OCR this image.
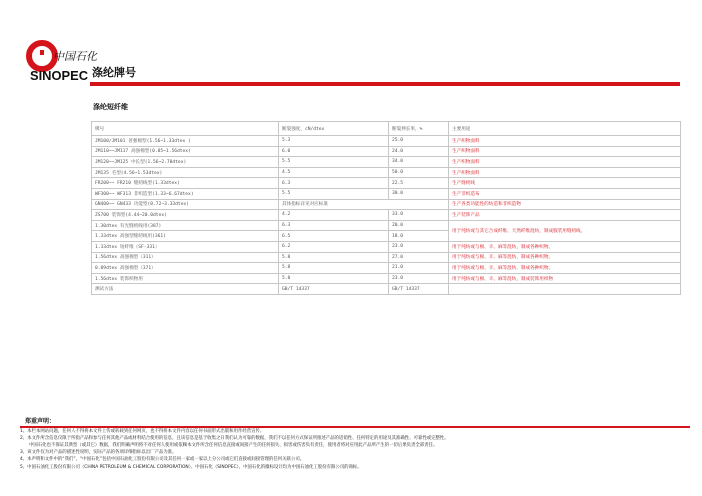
中国石化
SINOPEC 涤纶牌号
涤纶短纤维
牌号	断裂强度，cN/dtex	断裂伸长率，%	主要用途
JM100/JM101 普强棉型(1.56~1.33dtex )	5.3	25.0	生产织物面料
JM110~~JM117 高强棉型(0.85~1.56dtex)	6.0	24.0	生产织物面料
JM120~~JM125 中长型(1.56~2.78dtex)	5.5	34.0	生产织物面料
JM135 毛型(4.56~1.53dtex)	4.5	50.0	生产织物面料
FR200~~ FR210 缝纫线型(1.33dtex)	6.3	22.5	生产缝纫线
WF300~~ WF313 非织造型(1.33~6.67dtex)	5.5	30.0	生产非织造布
GN400~~ GN433 功能型(0.72~3.33dtex)	其体指标详见对应标准		生产各类功能性的纺造和非织造物
ZS700 装饰型(4.44~20.0dtex)	4.2	33.0	生产装饰产品
1.30dtex 有光缝纫线用(387)	6.3	20.0	用于纯纺或与其它合成纤维、天然纤维混纺，制成服装用缝纫线。
1.33dtex 高强型缝纫线用(361)	6.5	18.0	
1.33dtex 短纤维（SF-331）	6.2	23.0	用于纯纺或与棉、羊、麻等混纺，制成各种织物。
1.56dtex 高强棉型（311）	5.8	27.0	用于纯纺或与棉、羊、麻等混纺，制成各种织物。
0.89dtex 高强棉型（371）	5.8	21.0	用于纯纺或与棉、羊、麻等混纺，制成各种织物。
1.56dtex 装饰织物用	5.8	23.0	用于纯纺或与棉、羊、麻等混纺，制成装饰用织物
测试方法	GB/T 14337	GB/T 14337	
郑重声明：
1、本栏本网站问题，任何人不得将本文件上传或转载到任何网页，也不得将本文件内容以任何书面形式出版和用作经营宣传。
2、本文件所含信息仅限于所指产品和参与任何其他产品或材料结合使用的信息，且该信息是基于收集之日我们认为可靠的数据，我们不以任何方式保证所推述产品的适销性、任何特定的用途及其准确性、可靠性或完整性。
中国石化也不保证其典型（或其它）数据，我们明确声明将不对任何人使用或依赖本文件所含任何信息直接或间接产生的任何损失、损害或伤害负有责任，使用者将对应用此产品所产生的一切后果负责全部责任。
3、该文件仅为对产品的描述性说明，实际产品的各项详细指标以出厂产品为准。
4、本声明和文件中的“我们”、“中国石化”包括中国石油化工股份有限公司及其任何一家或一家以上分公司或它们直接或间接管理的任何关联公司。
5、中国石油化工股份有限公司（CHINA PETROLEUM & CHEMICAL CORPORATION）、中国石化（SINOPEC）、中国石化的徽标设计均为中国石油化工股份有限公司的商标。
